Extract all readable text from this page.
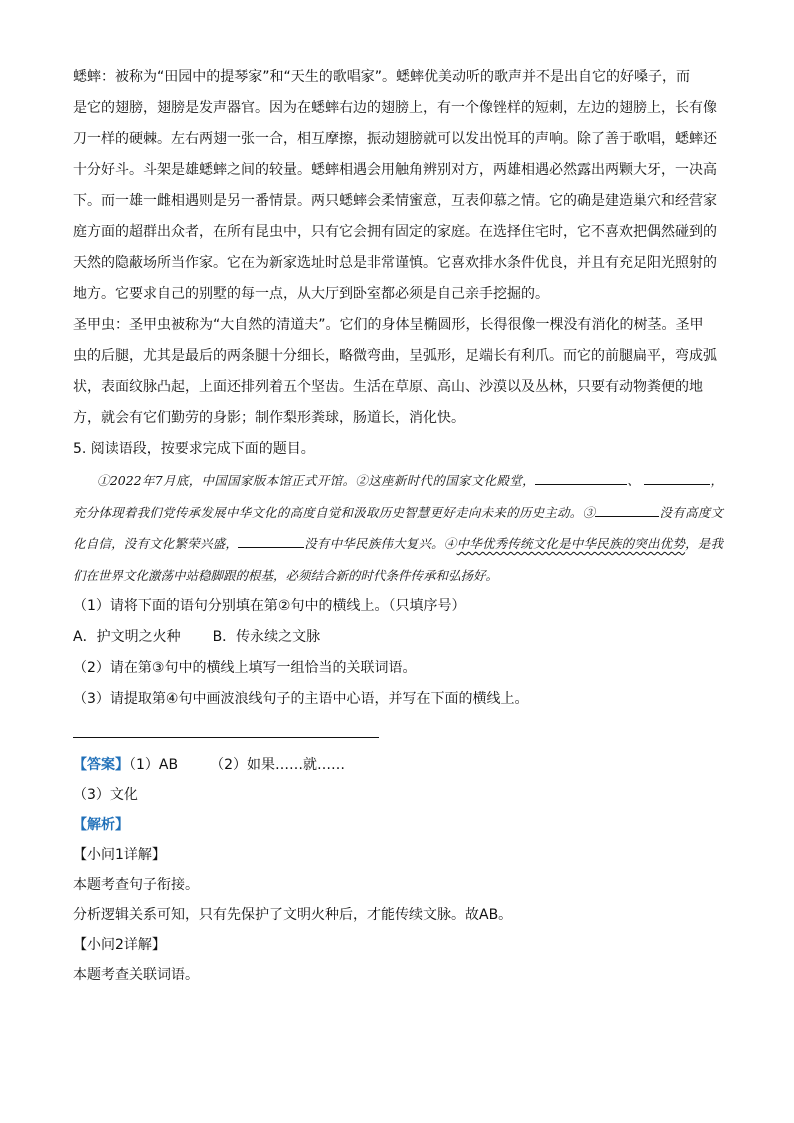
蟋蟀：被称为“田园中的提琴家”和“天生的歌唱家”。蟋蟀优美动听的歌声并不是出自它的好嗓子，而

是它的翅膀，翅膀是发声器官。因为在蟋蟀右边的翅膀上，有一个像锉样的短刺，左边的翅膀上，长有像

刀一样的硬棘。左右两翅一张一合，相互摩擦，振动翅膀就可以发出悦耳的声响。除了善于歌唱，蟋蟀还

十分好斗。斗架是雄蟋蟀之间的较量。蟋蟀相遇会用触角辨别对方，两雄相遇必然露出两颗大牙，一决高

下。而一雄一雌相遇则是另一番情景。两只蟋蟀会柔情蜜意，互表仰慕之情。它的确是建造巢穴和经营家

庭方面的超群出众者，在所有昆虫中，只有它会拥有固定的家庭。在选择住宅时，它不喜欢把偶然碰到的

天然的隐蔽场所当作家。它在为新家选址时总是非常谨慎。它喜欢排水条件优良，并且有充足阳光照射的

地方。它要求自己的别墅的每一点，从大厅到卧室都必须是自己亲手挖掘的。

圣甲虫：圣甲虫被称为“大自然的清道夫”。它们的身体呈椭圆形，长得很像一棵没有消化的树茎。圣甲

虫的后腿，尤其是最后的两条腿十分细长，略微弯曲，呈弧形，足端长有利爪。而它的前腿扁平，弯成弧

状，表面纹脉凸起，上面还排列着五个坚齿。生活在草原、高山、沙漠以及丛林，只要有动物粪便的地

方，就会有它们勤劳的身影；制作梨形粪球，肠道长，消化快。

5. 阅读语段，按要求完成下面的题目。

①2022年7月底，中国国家版本馆正式开馆。②这座新时代的国家文化殿堂，	、	，充分体现着我们党传承发展中华文化的高度自觉和汲取历史智慧更好走向未来的历史主动。③	没有高度文化自信，没有文化繁荣兴盛，	没有中华民族伟大复兴。④中华优秀传统文化是中华民族的突出优势，是我们在世界文化激荡中站稳脚跟的根基，必须结合新的时代条件传承和弘扬好。

（1）请将下面的语句分别填在第②句中的横线上。（只填序号）

A．护文明之火种 B．传永续之文脉

（2）请在第③句中的横线上填写一组恰当的关联词语。

（3）请提取第④句中画波浪线句子的主语中心语，并写在下面的横线上。

【答案】（1）AB （2）如果……就……

（3）文化

【解析】

【小问1详解】

本题考查句子衔接。

分析逻辑关系可知，只有先保护了文明火种后，才能传续文脉。故AB。

【小问2详解】

本题考查关联词语。
